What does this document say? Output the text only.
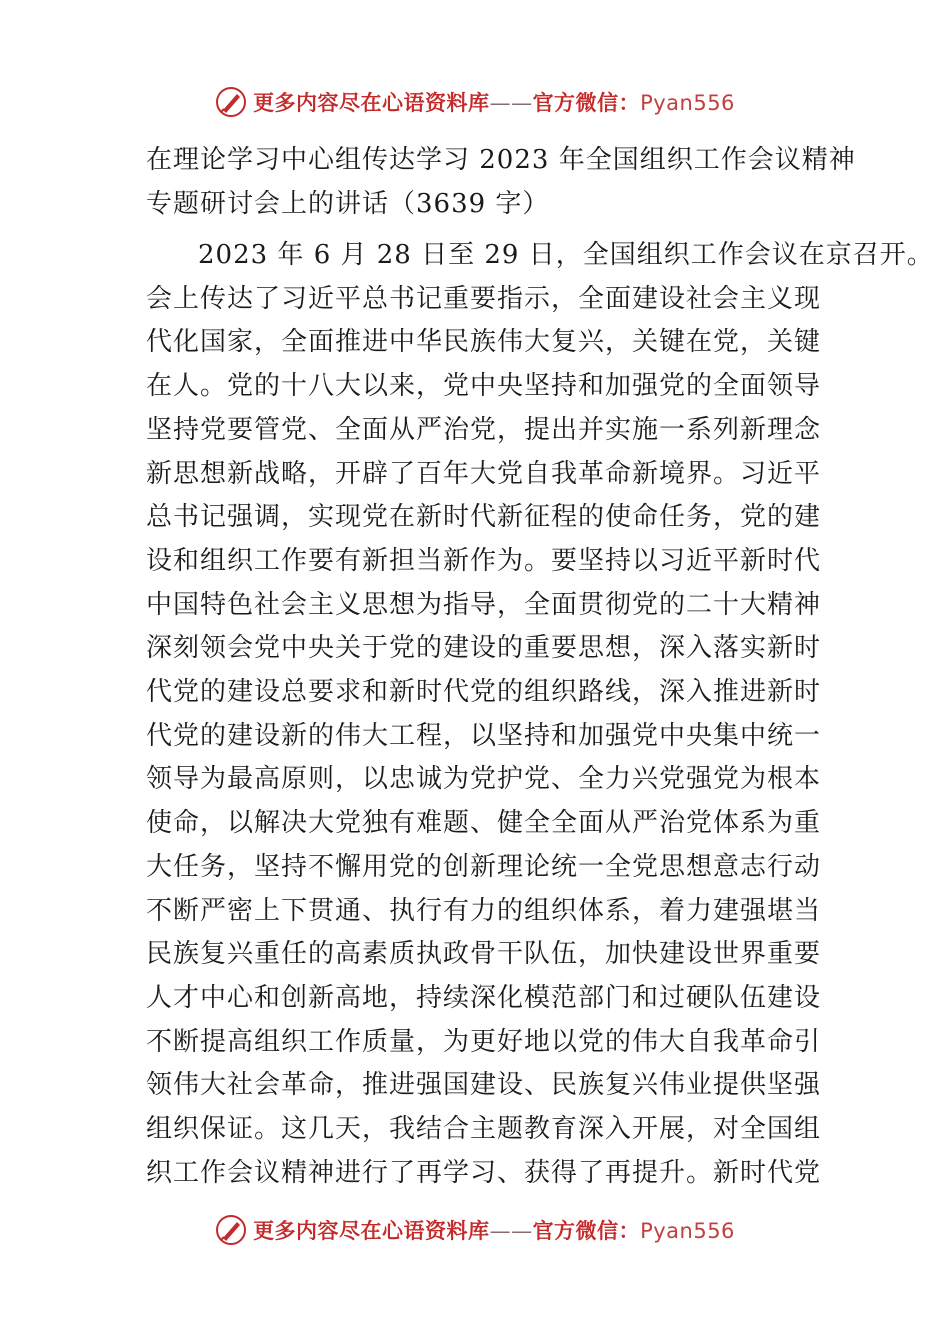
更多内容尽在心语资料库——官方微信：Pyan556
在理论学习中心组传达学习 2023 年全国组织工作会议精神
专题研讨会上的讲话（3639 字）
2023 年 6 月 28 日至 29 日，全国组织工作会议在京召开。
会上传达了习近平总书记重要指示，全面建设社会主义现
代化国家，全面推进中华民族伟大复兴，关键在党，关键
在人。党的十八大以来，党中央坚持和加强党的全面领导
坚持党要管党、全面从严治党，提出并实施一系列新理念
新思想新战略，开辟了百年大党自我革命新境界。习近平
总书记强调，实现党在新时代新征程的使命任务，党的建
设和组织工作要有新担当新作为。要坚持以习近平新时代
中国特色社会主义思想为指导，全面贯彻党的二十大精神
深刻领会党中央关于党的建设的重要思想，深入落实新时
代党的建设总要求和新时代党的组织路线，深入推进新时
代党的建设新的伟大工程，以坚持和加强党中央集中统一
领导为最高原则，以忠诚为党护党、全力兴党强党为根本
使命，以解决大党独有难题、健全全面从严治党体系为重
大任务，坚持不懈用党的创新理论统一全党思想意志行动
不断严密上下贯通、执行有力的组织体系，着力建强堪当
民族复兴重任的高素质执政骨干队伍，加快建设世界重要
人才中心和创新高地，持续深化模范部门和过硬队伍建设
不断提高组织工作质量，为更好地以党的伟大自我革命引
领伟大社会革命，推进强国建设、民族复兴伟业提供坚强
组织保证。这几天，我结合主题教育深入开展，对全国组
织工作会议精神进行了再学习、获得了再提升。新时代党
更多内容尽在心语资料库——官方微信：Pyan556
